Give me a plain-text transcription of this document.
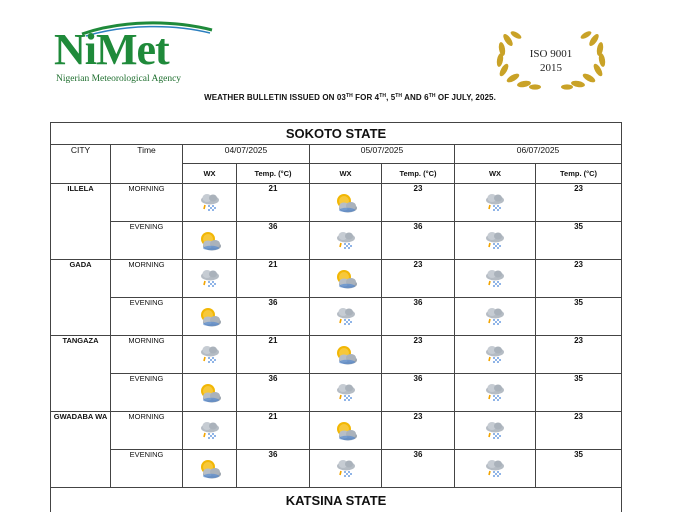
NiMet
Nigerian Meteorological Agency
ISO 9001
2015
WEATHER BULLETIN ISSUED ON 03TH FOR 4TH, 5TH AND 6TH OF JULY, 2025.
SOKOTO STATE							
CITY	Time	04/07/2025		05/07/2025		06/07/2025	
		WX	Temp. (°C)	WX	Temp. (°C)	WX	Temp. (°C)
ILLELA	MORNING		21		23		23
	EVENING		36		36		35
GADA	MORNING		21		23		23
	EVENING		36		36		35
TANGAZA	MORNING		21		23		23
	EVENING		36		36		35
GWADABA WA	MORNING		21		23		23
	EVENING		36		36		35
KATSINA STATE							
